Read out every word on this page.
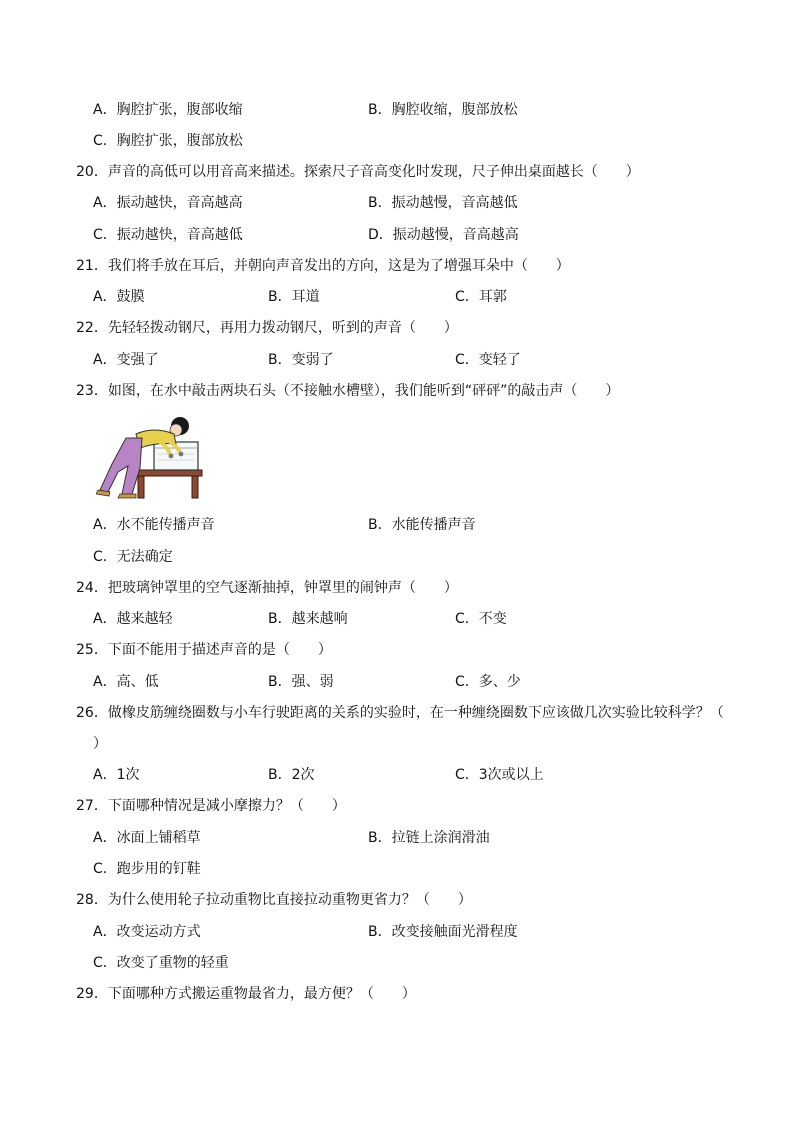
A．胸腔扩张，腹部收缩	B．胸腔收缩，腹部放松
C．胸腔扩张，腹部放松
20．声音的高低可以用音高来描述。探索尺子音高变化时发现，尺子伸出桌面越长（　　）
A．振动越快，音高越高	B．振动越慢，音高越低
C．振动越快，音高越低	D．振动越慢，音高越高
21．我们将手放在耳后，并朝向声音发出的方向，这是为了增强耳朵中（　　）
A．鼓膜	B．耳道	C．耳郭
22．先轻轻拨动钢尺，再用力拨动钢尺，听到的声音（　　）
A．变强了	B．变弱了	C．变轻了
23．如图，在水中敲击两块石头（不接触水槽壁），我们能听到“砰砰”的敲击声（　　）
A．水不能传播声音	B．水能传播声音
C．无法确定
24．把玻璃钟罩里的空气逐渐抽掉，钟罩里的闹钟声（　　）
A．越来越轻	B．越来越响	C．不变
25．下面不能用于描述声音的是（　　）
A．高、低	B．强、弱	C．多、少
26．做橡皮筋缠绕圈数与小车行驶距离的关系的实验时，在一种缠绕圈数下应该做几次实验比较科学？（
）
A．1次	B．2次	C．3次或以上
27．下面哪种情况是减小摩擦力？（　　）
A．冰面上铺稻草	B．拉链上涂润滑油
C．跑步用的钉鞋
28．为什么使用轮子拉动重物比直接拉动重物更省力？（　　）
A．改变运动方式	B．改变接触面光滑程度
C．改变了重物的轻重
29．下面哪种方式搬运重物最省力，最方便？（　　）
